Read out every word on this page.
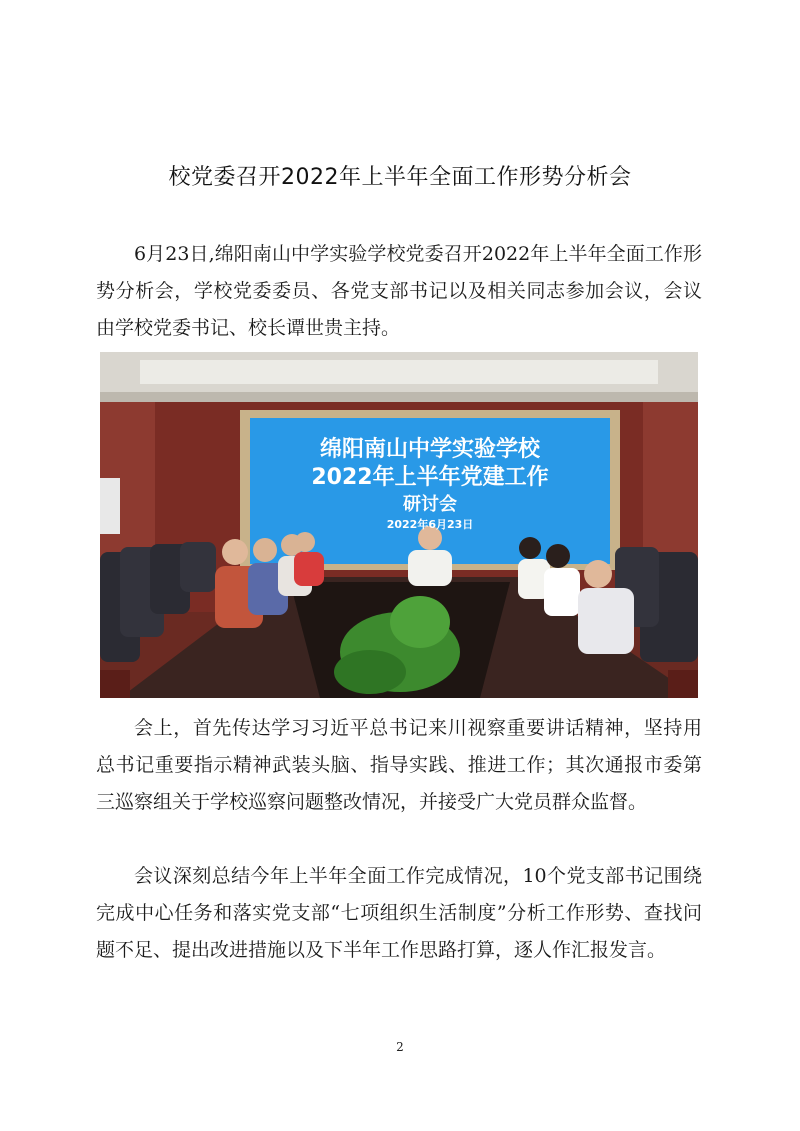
校党委召开2022年上半年全面工作形势分析会

6月23日,绵阳南山中学实验学校党委召开2022年上半年全面工作形势分析会，学校党委委员、各党支部书记以及相关同志参加会议，会议由学校党委书记、校长谭世贵主持。

绵阳南山中学实验学校
2022年上半年党建工作
研讨会
2022年6月23日

会上，首先传达学习习近平总书记来川视察重要讲话精神，坚持用总书记重要指示精神武装头脑、指导实践、推进工作；其次通报市委第三巡察组关于学校巡察问题整改情况，并接受广大党员群众监督。

会议深刻总结今年上半年全面工作完成情况，10个党支部书记围绕完成中心任务和落实党支部“七项组织生活制度”分析工作形势、查找问题不足、提出改进措施以及下半年工作思路打算，逐人作汇报发言。

2
